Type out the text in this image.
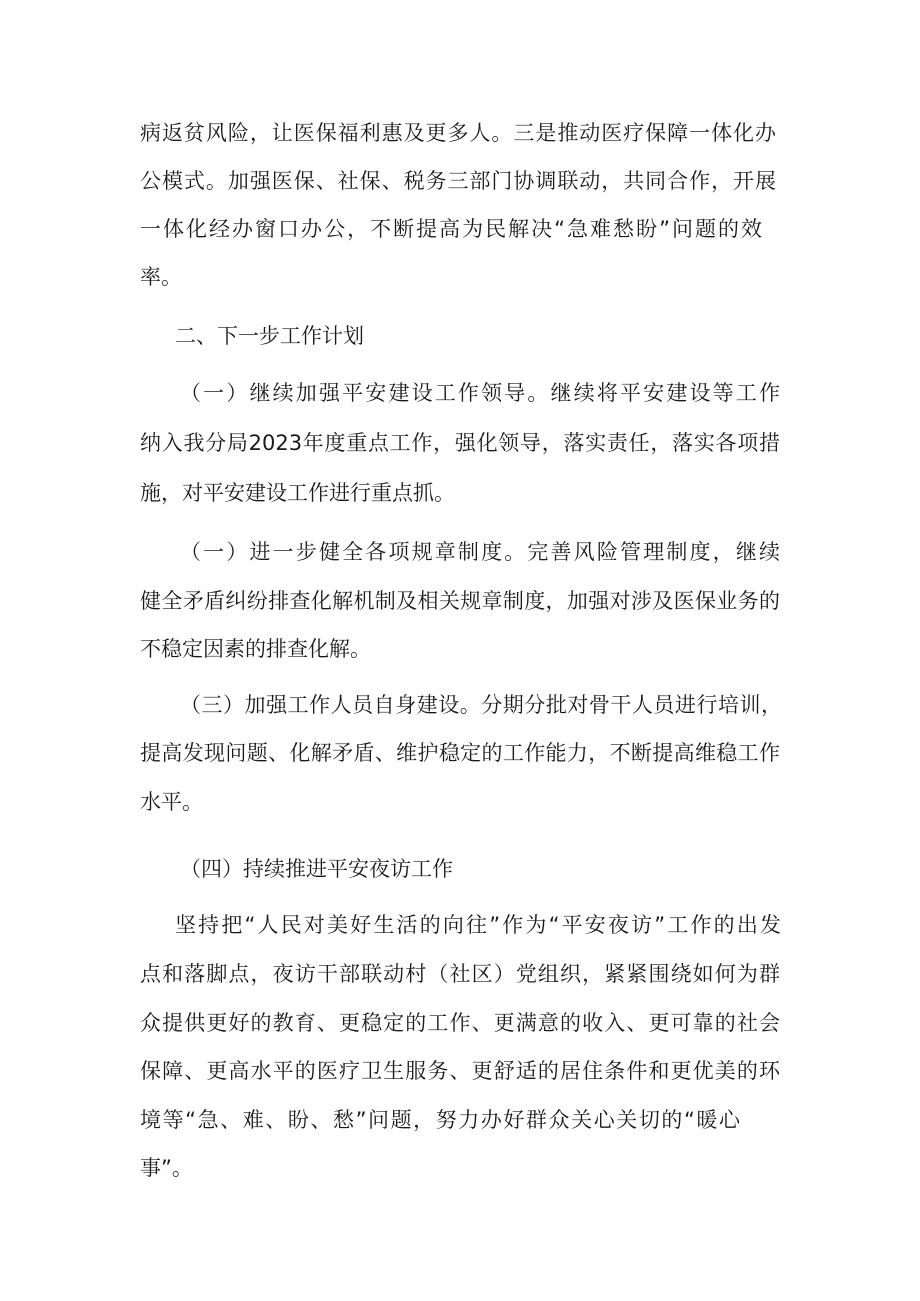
病返贫风险，让医保福利惠及更多人。三是推动医疗保障一体化办
公模式。加强医保、社保、税务三部门协调联动，共同合作，开展
一体化经办窗口办公，不断提高为民解决“急难愁盼”问题的效
率。
二、下一步工作计划
（一）继续加强平安建设工作领导。继续将平安建设等工作
纳入我分局2023年度重点工作，强化领导，落实责任，落实各项措
施，对平安建设工作进行重点抓。
（一）进一步健全各项规章制度。完善风险管理制度，继续
健全矛盾纠纷排查化解机制及相关规章制度，加强对涉及医保业务的
不稳定因素的排查化解。
（三）加强工作人员自身建设。分期分批对骨干人员进行培训，
提高发现问题、化解矛盾、维护稳定的工作能力，不断提高维稳工作
水平。
（四）持续推进平安夜访工作
坚持把“人民对美好生活的向往”作为“平安夜访”工作的出发
点和落脚点，夜访干部联动村（社区）党组织，紧紧围绕如何为群
众提供更好的教育、更稳定的工作、更满意的收入、更可靠的社会
保障、更高水平的医疗卫生服务、更舒适的居住条件和更优美的环
境等“急、难、盼、愁”问题，努力办好群众关心关切的“暖心
事”。
